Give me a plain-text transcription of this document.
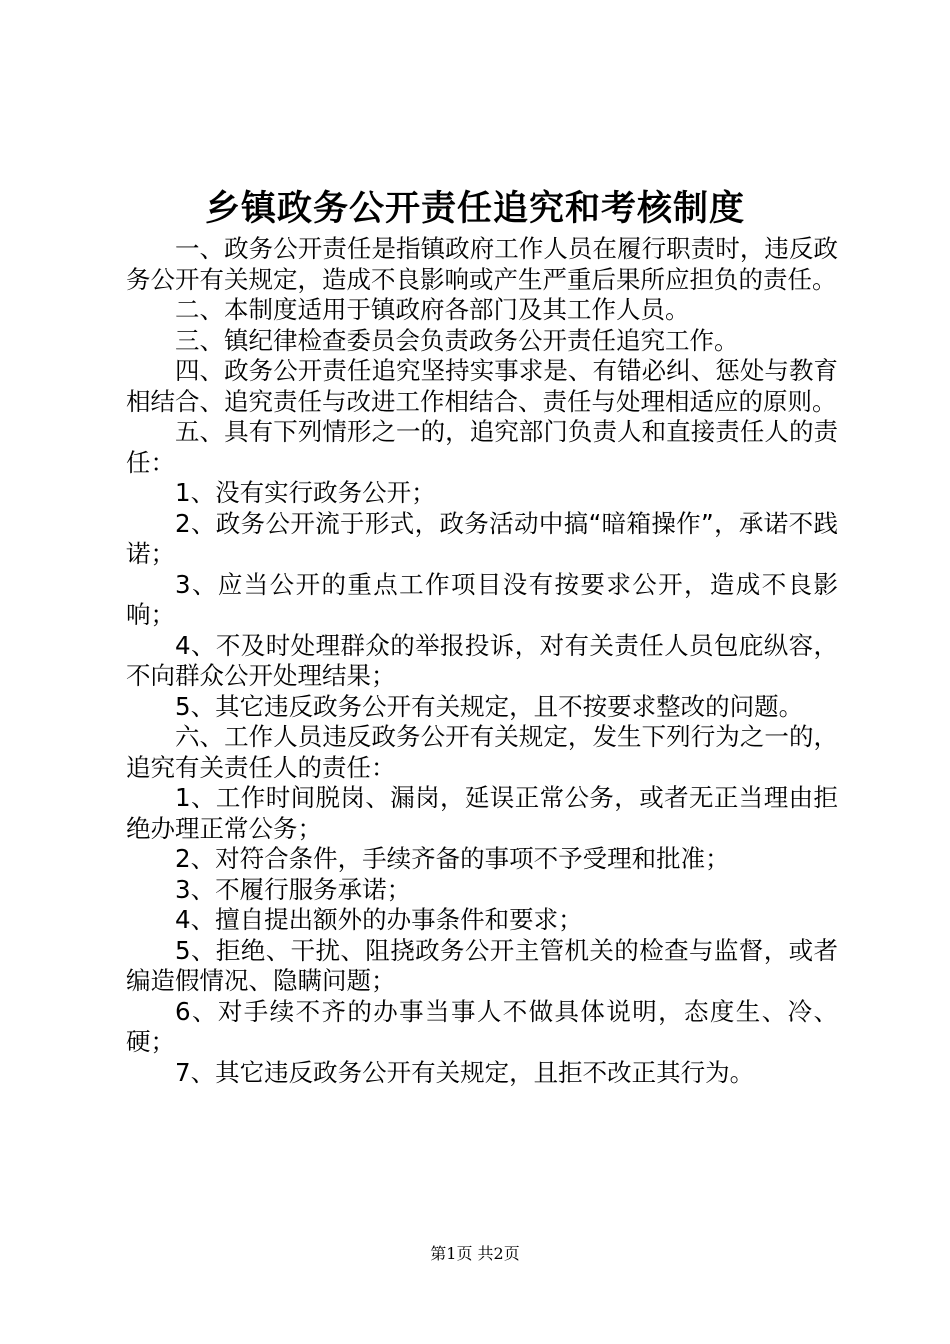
乡镇政务公开责任追究和考核制度

一、政务公开责任是指镇政府工作人员在履行职责时，违反政务公开有关规定，造成不良影响或产生严重后果所应担负的责任。

二、本制度适用于镇政府各部门及其工作人员。

三、镇纪律检查委员会负责政务公开责任追究工作。

四、政务公开责任追究坚持实事求是、有错必纠、惩处与教育相结合、追究责任与改进工作相结合、责任与处理相适应的原则。

五、具有下列情形之一的，追究部门负责人和直接责任人的责任：

1、没有实行政务公开；

2、政务公开流于形式，政务活动中搞“暗箱操作”，承诺不践诺；

3、应当公开的重点工作项目没有按要求公开，造成不良影响；

4、不及时处理群众的举报投诉，对有关责任人员包庇纵容，不向群众公开处理结果；

5、其它违反政务公开有关规定，且不按要求整改的问题。

六、工作人员违反政务公开有关规定，发生下列行为之一的，追究有关责任人的责任：

1、工作时间脱岗、漏岗，延误正常公务，或者无正当理由拒绝办理正常公务；

2、对符合条件，手续齐备的事项不予受理和批准；

3、不履行服务承诺；

4、擅自提出额外的办事条件和要求；

5、拒绝、干扰、阻挠政务公开主管机关的检查与监督，或者编造假情况、隐瞒问题；

6、对手续不齐的办事当事人不做具体说明，态度生、冷、硬；

7、其它违反政务公开有关规定，且拒不改正其行为。

第1页 共2页
